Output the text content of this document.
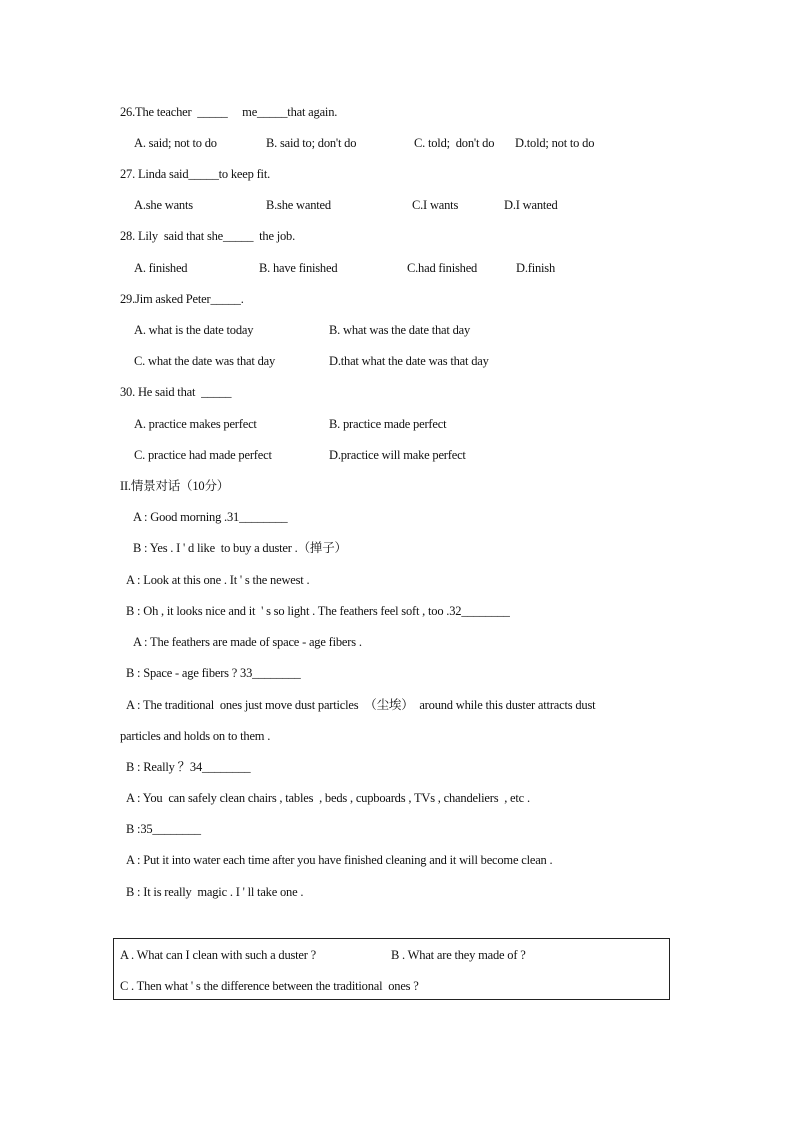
26.The teacher  _____     me_____that again.
A. said; not to do	B. said to; don't do	C. told;  don't do D.told; not to do
27. Linda said_____to keep fit.
A.she wants	B.she wanted	C.I wants	D.I wanted
28. Lily  said that she_____  the job.
A. finished	B. have finished	C.had finished	D.finish
29.Jim asked Peter_____.
A. what is the date today	B. what was the date that day
C. what the date was that day	D.that what the date was that day
30. He said that  _____
A. practice makes perfect	B. practice made perfect
C. practice had made perfect	D.practice will make perfect
II.情景对话（10分）
A : Good morning .31________
B : Yes . I ' d like  to buy a duster .（掸子）
A : Look at this one . It ' s the newest .
B : Oh , it looks nice and it  ' s so light . The feathers feel soft , too .32________
A : The feathers are made of space - age fibers .
B : Space - age fibers ? 33________
A : The traditional  ones just move dust particles  （尘埃）  around while this duster attracts dust
particles and holds on to them .
B : Really ？34________
A : You  can safely clean chairs , tables  , beds , cupboards , TVs , chandeliers  , etc .
B :35________
A : Put it into water each time after you have finished cleaning and it will become clean .
B : It is really  magic . I ' ll take one .
A . What can I clean with such a duster ?	B . What are they made of ?
C . Then what ' s the difference between the traditional  ones ?
